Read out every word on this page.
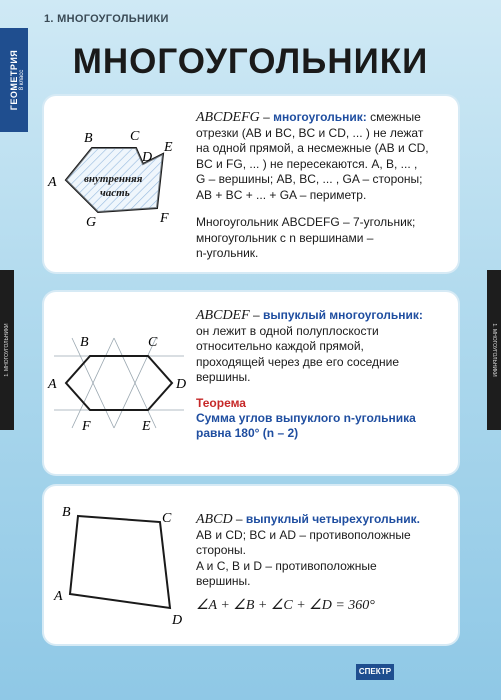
1. МНОГОУГОЛЬНИКИ
ГЕОМЕТРИЯ 8 класс
1. МНОГОУГОЛЬНИКИ	1. МНОГОУГОЛЬНИКИ
МНОГОУГОЛЬНИКИ
A
B	C
D
E
F
G
внутренняя
часть
ABCDEFG – многоугольник: смежные
отрезки (AB и BC, BC и CD, ... ) не лежат
на одной прямой, а несмежные (AB и CD,
BC и FG, ... ) не пересекаются. A, B, ... ,
G – вершины; AB, BC, ... , GA – стороны;
AB + BC + ... + GA – периметр.
Многоугольник ABCDEFG – 7-угольник;
многоугольник с n вершинами –
n-угольник.
A
B	C
D
E
F
ABCDEF – выпуклый многоугольник:
он лежит в одной полуплоскости
относительно каждой прямой,
проходящей через две его соседние
вершины.
Теорема
Сумма углов выпуклого n-угольника
равна 180° (n – 2)
A
B	C
D
ABCD – выпуклый четырехугольник.
AB и CD; BC и AD – противоположные
стороны.
A и C, B и D – противоположные
вершины.
∠A + ∠B + ∠C + ∠D = 360°
СПЕКТР
